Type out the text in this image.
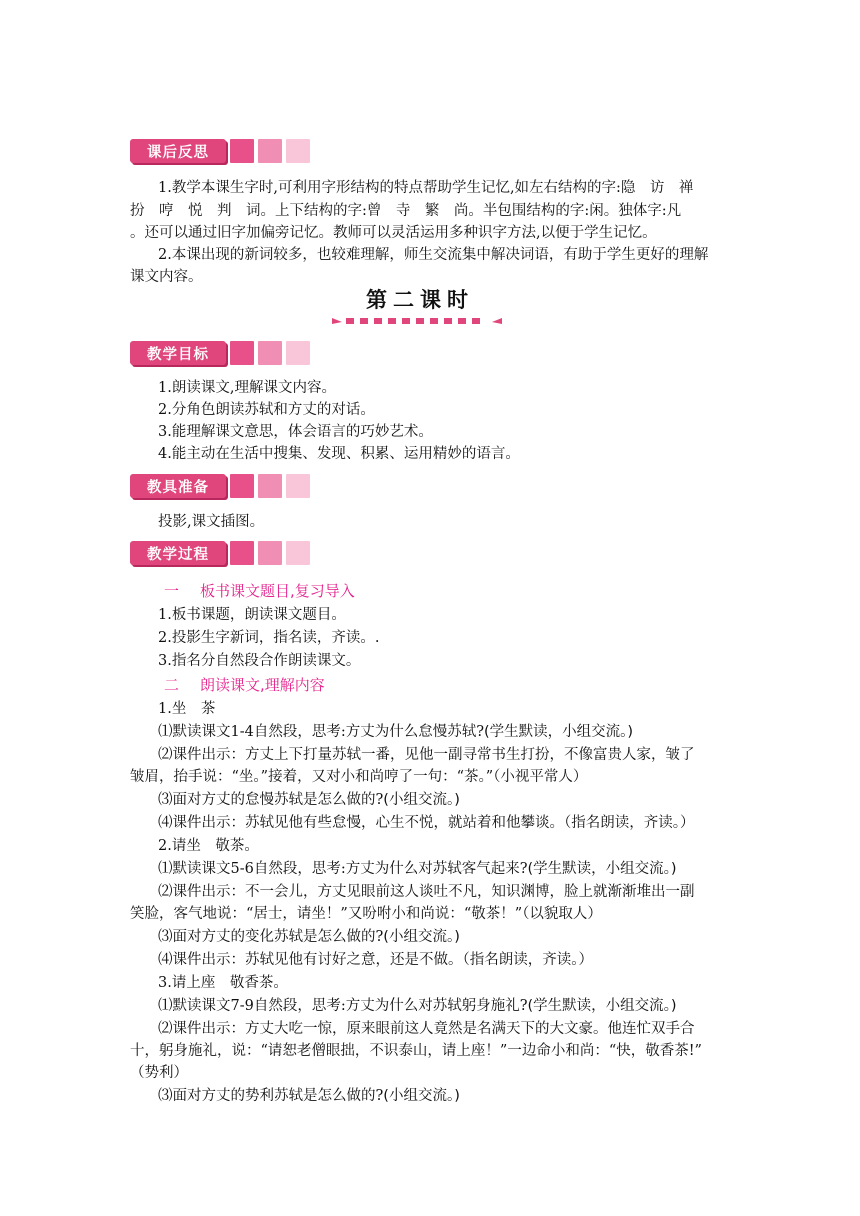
课后反思
1.教学本课生字时,可利用字形结构的特点帮助学生记忆,如左右结构的字:隐　访　禅
扮　哼　悦　判　词。上下结构的字:曾　寺　繁　尚。半包围结构的字:闲。独体字:凡
。还可以通过旧字加偏旁记忆。教师可以灵活运用多种识字方法,以便于学生记忆。
2.本课出现的新词较多，也较难理解，师生交流集中解决词语，有助于学生更好的理解
课文内容。
第二课时
教学目标
1.朗读课文,理解课文内容。
2.分角色朗读苏轼和方丈的对话。
3.能理解课文意思，体会语言的巧妙艺术。
4.能主动在生活中搜集、发现、积累、运用精妙的语言。
教具准备
投影,课文插图。
教学过程
一 板书课文题目,复习导入
1.板书课题，朗读课文题目。
2.投影生字新词，指名读，齐读。.
3.指名分自然段合作朗读课文。
二 朗读课文,理解内容
1.坐　茶
⑴默读课文1-4自然段，思考:方丈为什么怠慢苏轼?(学生默读，小组交流。)
⑵课件出示：方丈上下打量苏轼一番，见他一副寻常书生打扮，不像富贵人家，皱了
皱眉，抬手说：“坐。”接着，又对小和尚哼了一句：“茶。”（小视平常人）
⑶面对方丈的怠慢苏轼是怎么做的?(小组交流。)
⑷课件出示：苏轼见他有些怠慢，心生不悦，就站着和他攀谈。（指名朗读，齐读。）
2.请坐　敬茶。
⑴默读课文5-6自然段，思考:方丈为什么对苏轼客气起来?(学生默读，小组交流。)
⑵课件出示：不一会儿，方丈见眼前这人谈吐不凡，知识渊博，脸上就渐渐堆出一副
笑脸，客气地说：“居士，请坐！”又吩咐小和尚说：“敬茶！”（以貌取人）
⑶面对方丈的变化苏轼是怎么做的?(小组交流。)
⑷课件出示：苏轼见他有讨好之意，还是不做。（指名朗读，齐读。）
3.请上座　敬香茶。
⑴默读课文7-9自然段，思考:方丈为什么对苏轼躬身施礼?(学生默读，小组交流。)
⑵课件出示：方丈大吃一惊，原来眼前这人竟然是名满天下的大文豪。他连忙双手合
十，躬身施礼，说：“请恕老僧眼拙，不识泰山，请上座！”一边命小和尚：“快，敬香茶!”
（势利）
⑶面对方丈的势利苏轼是怎么做的?(小组交流。)
